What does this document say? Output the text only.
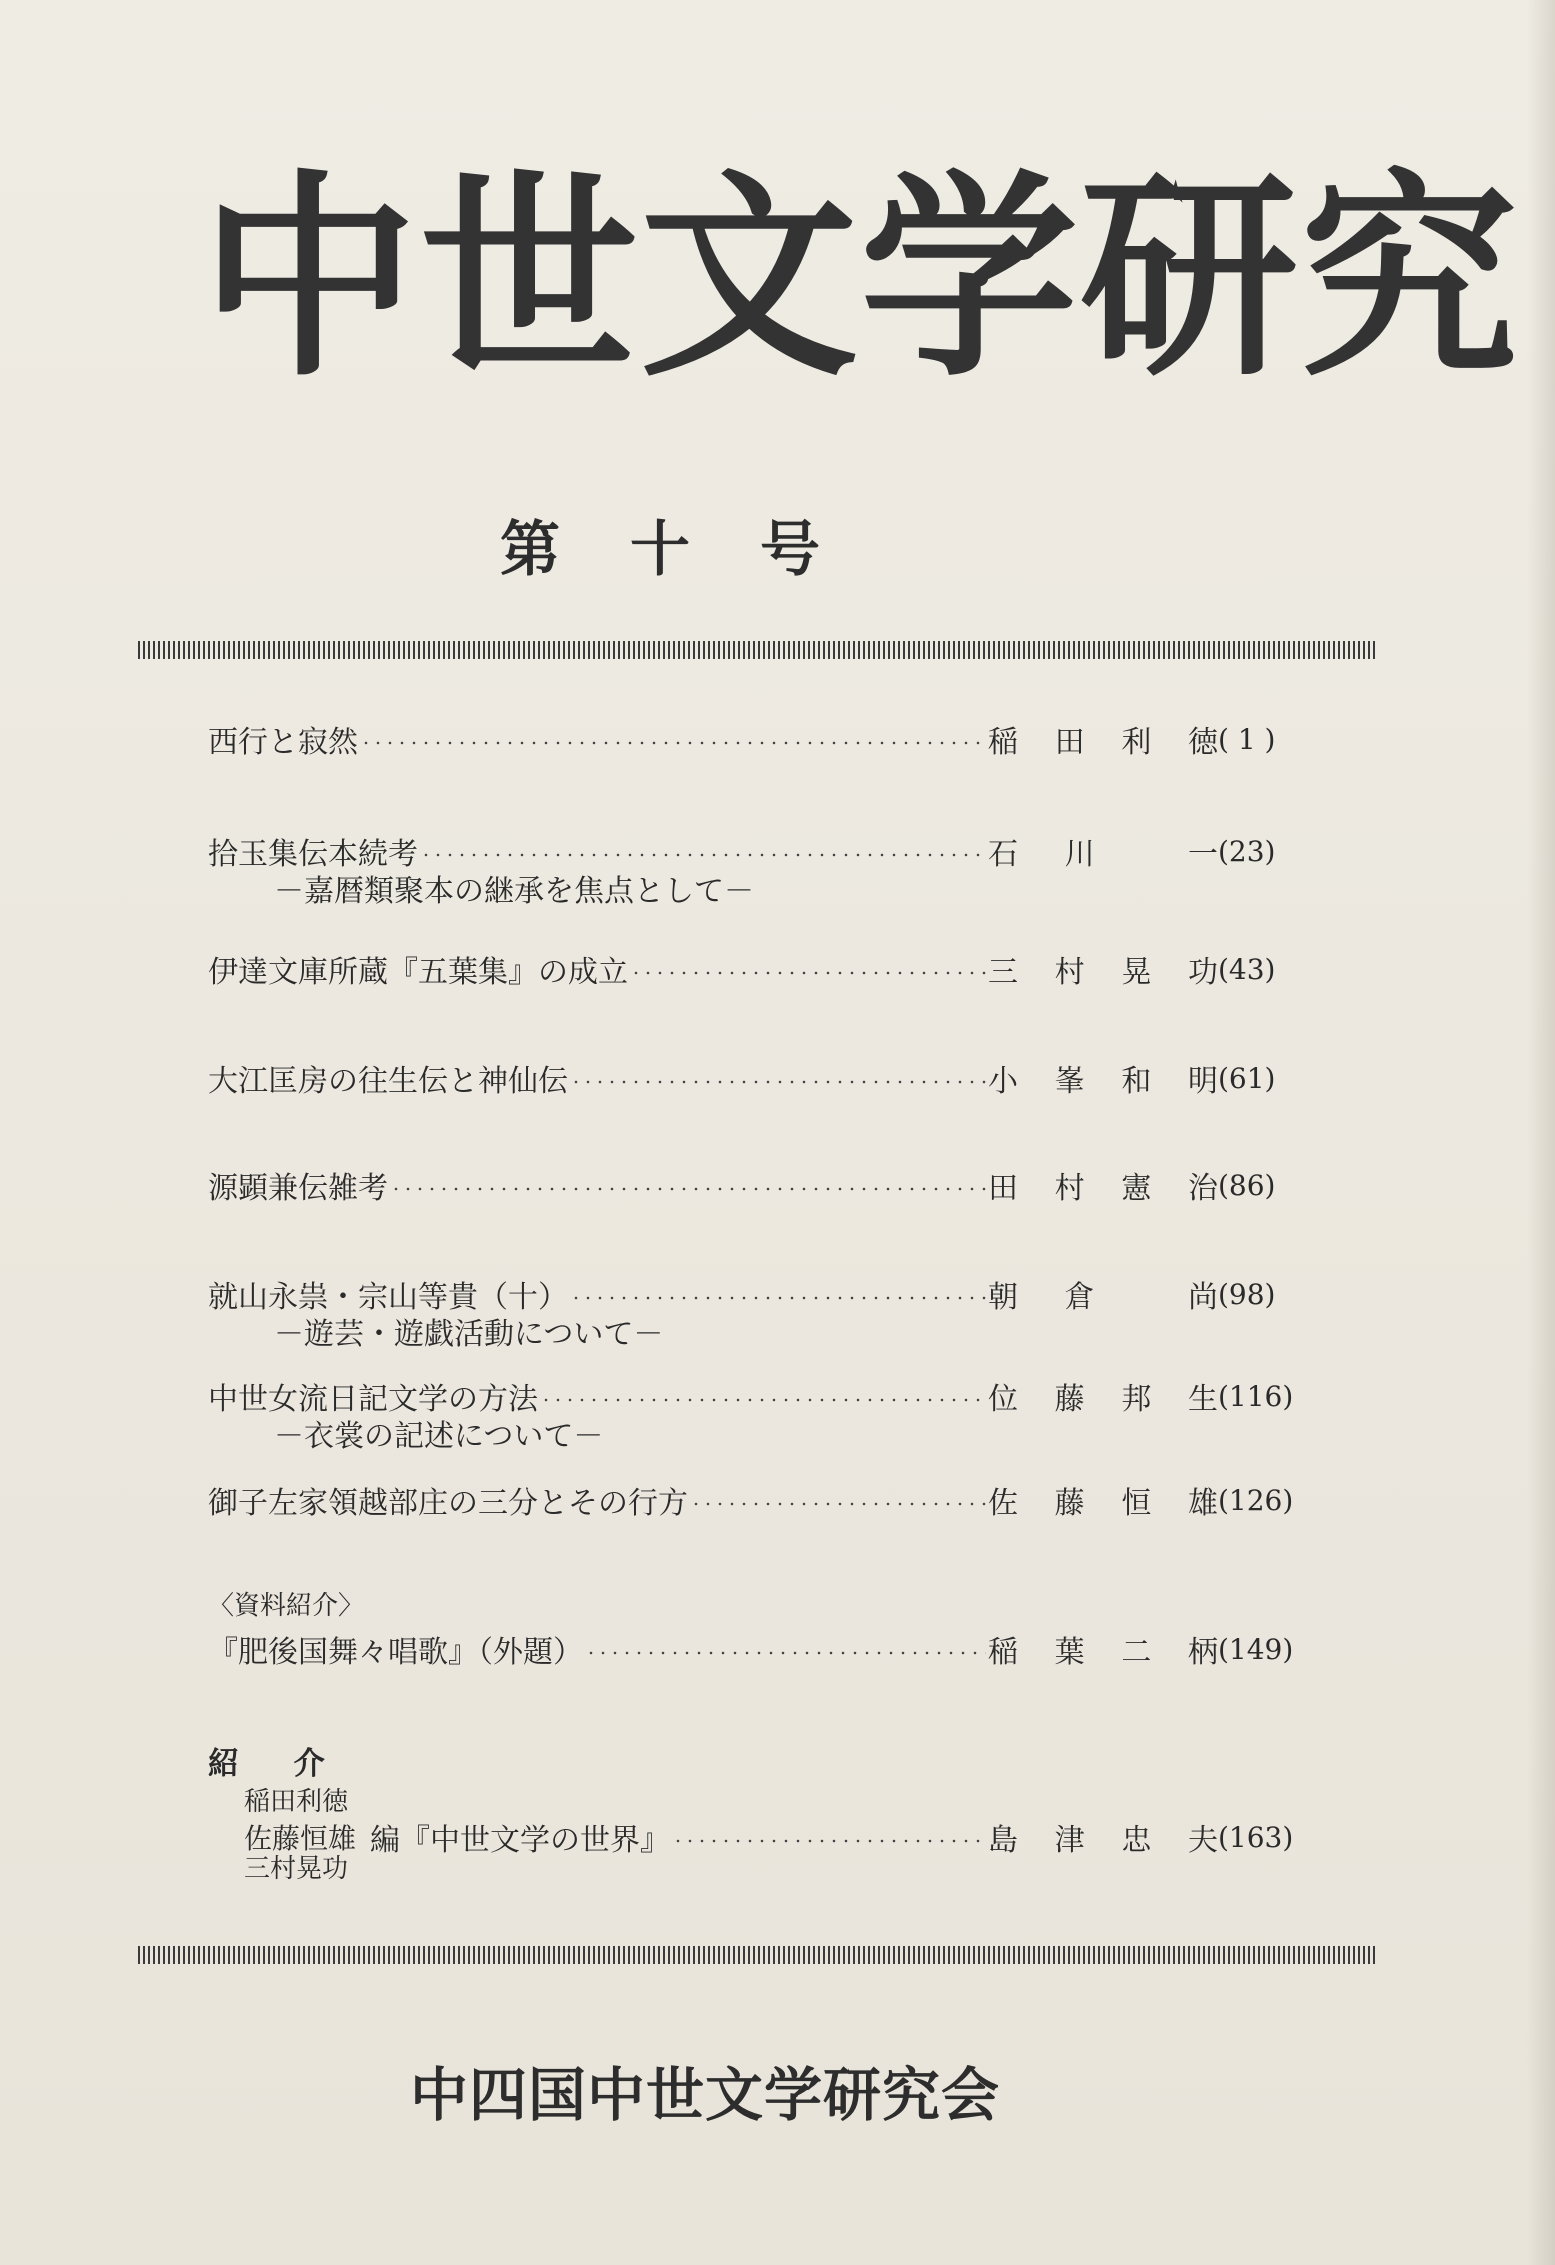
中世文学研究
第十号
西行と寂然	稲 田 利 徳 ( 1 )
拾玉集伝本続考	石 川	一 (23)
－嘉暦類聚本の継承を焦点として－
伊達文庫所蔵『五葉集』の成立	三 村 晃 功 (43)
大江匡房の往生伝と神仙伝	小 峯 和 明 (61)
源顕兼伝雑考	田 村 憲 治 (86)
就山永祟・宗山等貴（十）	朝 倉	尚 (98)
－遊芸・遊戯活動について－
中世女流日記文学の方法	位 藤 邦 生 (116)
－衣裳の記述について－
御子左家領越部庄の三分とその行方	佐 藤 恒 雄 (126)
〈資料紹介〉
『肥後国舞々唱歌』（外題）	稲 葉 二 柄 (149)
紹 介
稲田利徳
佐藤恒雄 編『中世文学の世界』	島 津 忠 夫 (163)
三村晃功
中四国中世文学研究会
